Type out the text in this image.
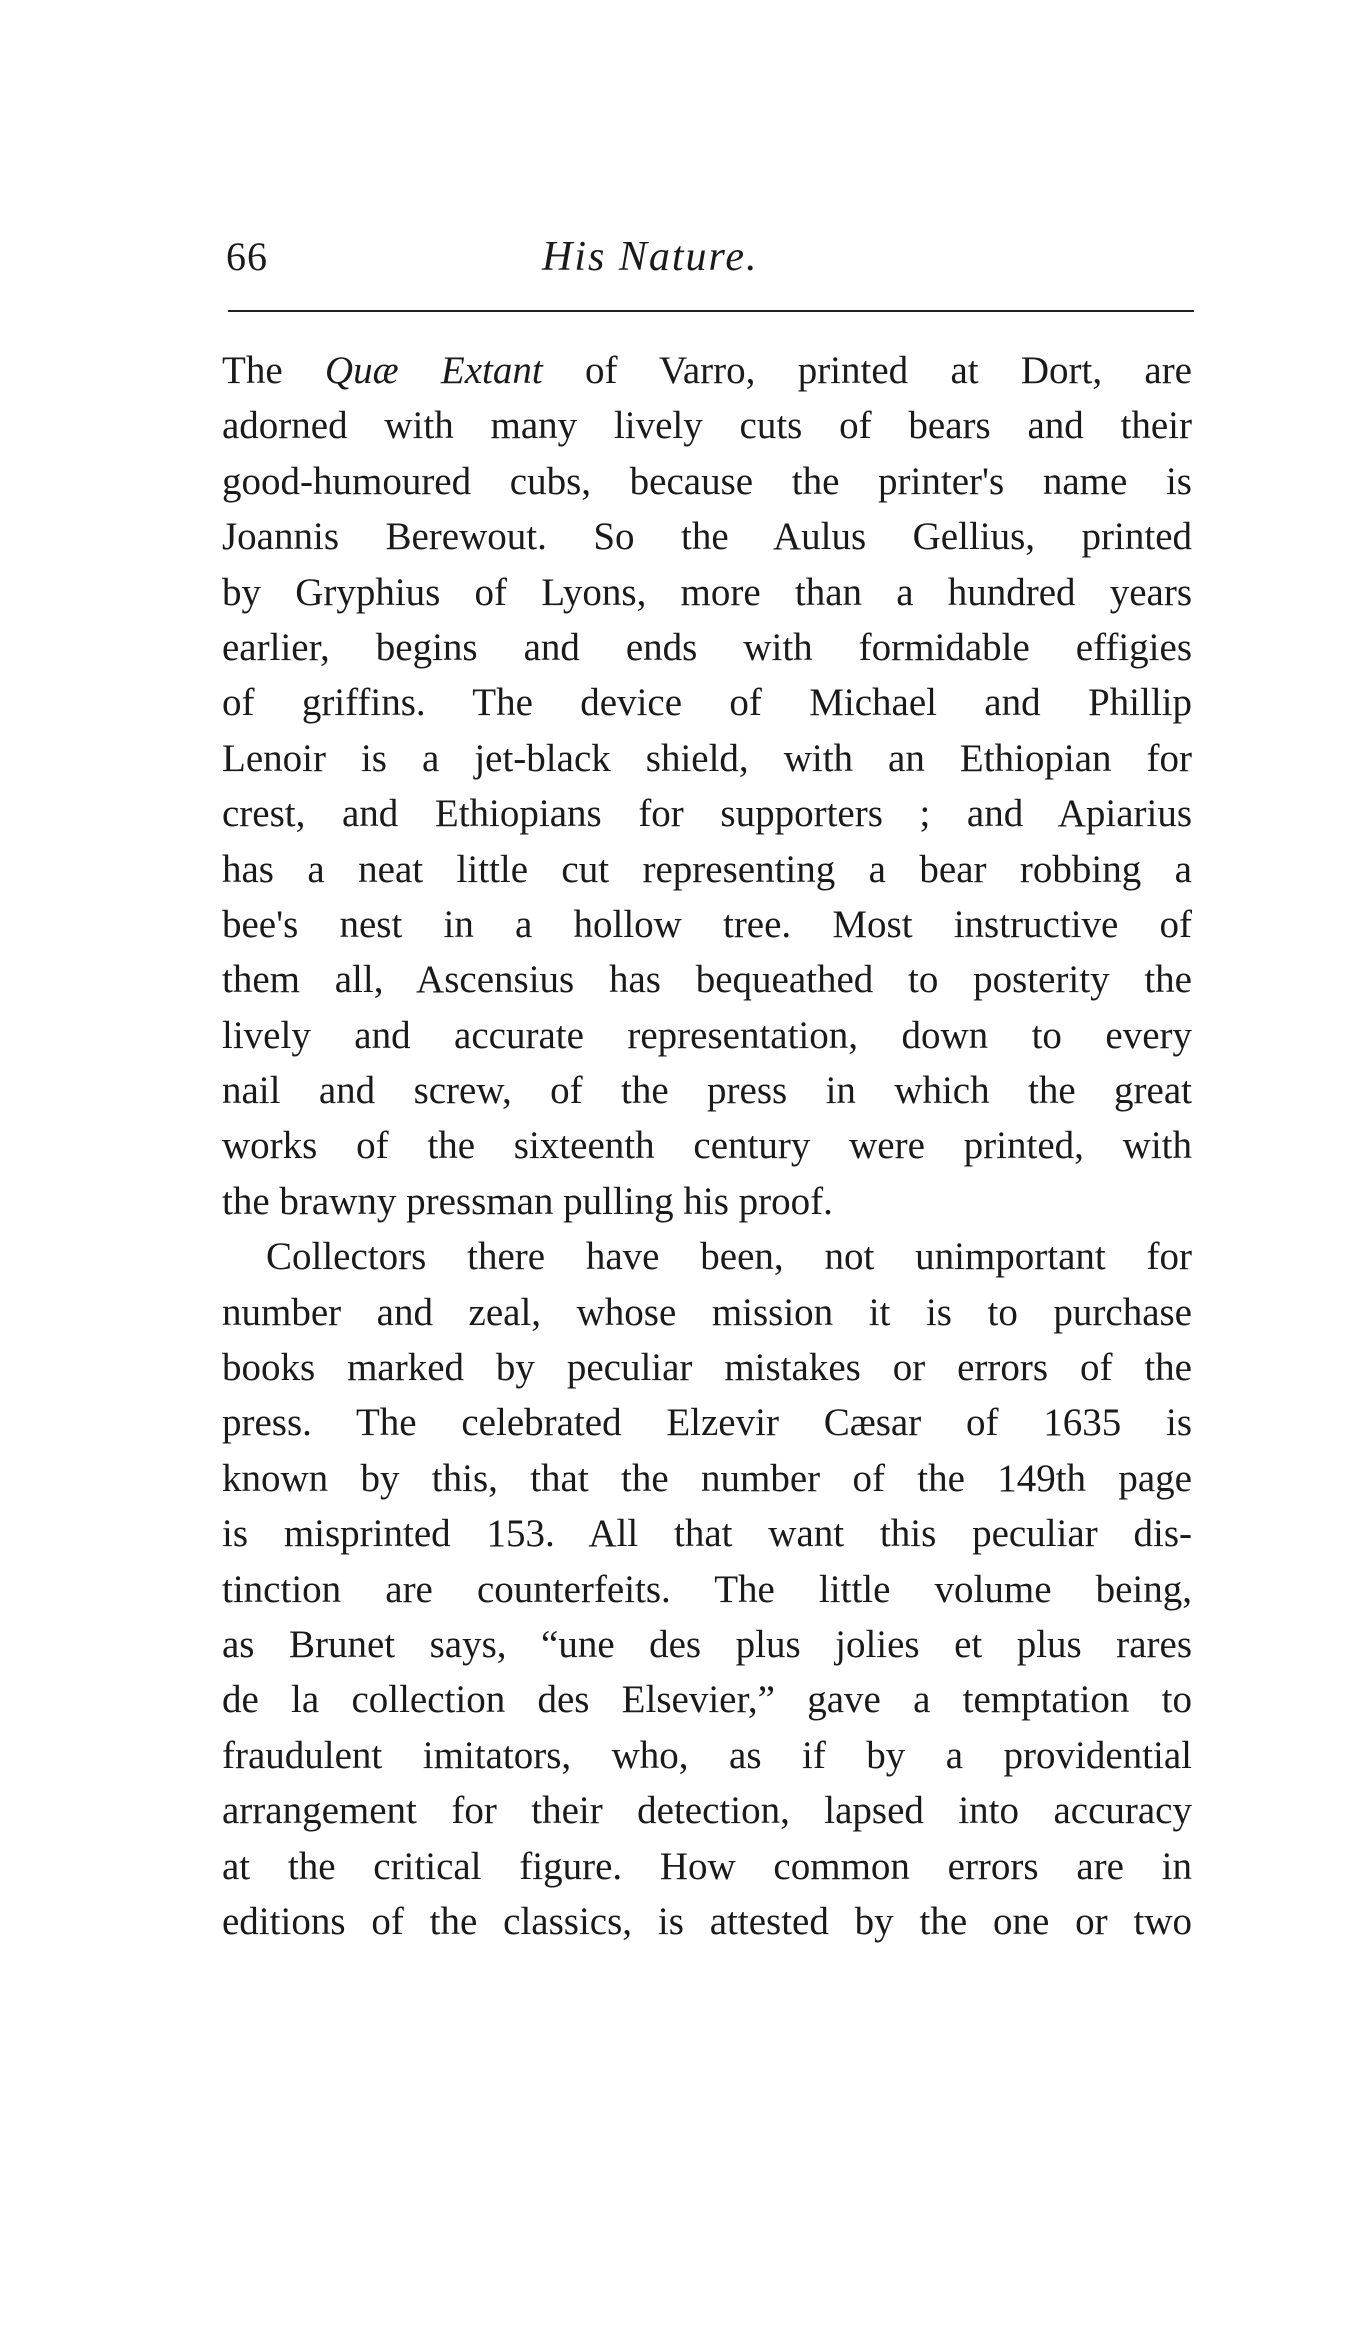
66	His Nature.
The Quæ Extant of Varro, printed at Dort, are
adorned with many lively cuts of bears and their
good-humoured cubs, because the printer's name is
Joannis Berewout. So the Aulus Gellius, printed
by Gryphius of Lyons, more than a hundred years
earlier, begins and ends with formidable effigies
of griffins. The device of Michael and Phillip
Lenoir is a jet-black shield, with an Ethiopian for
crest, and Ethiopians for supporters ; and Apiarius
has a neat little cut representing a bear robbing a
bee's nest in a hollow tree. Most instructive of
them all, Ascensius has bequeathed to posterity the
lively and accurate representation, down to every
nail and screw, of the press in which the great
works of the sixteenth century were printed, with
the brawny pressman pulling his proof.
Collectors there have been, not unimportant for
number and zeal, whose mission it is to purchase
books marked by peculiar mistakes or errors of the
press. The celebrated Elzevir Cæsar of 1635 is
known by this, that the number of the 149th page
is misprinted 153. All that want this peculiar dis-
tinction are counterfeits. The little volume being,
as Brunet says, “une des plus jolies et plus rares
de la collection des Elsevier,” gave a temptation to
fraudulent imitators, who, as if by a providential
arrangement for their detection, lapsed into accuracy
at the critical figure. How common errors are in
editions of the classics, is attested by the one or two
